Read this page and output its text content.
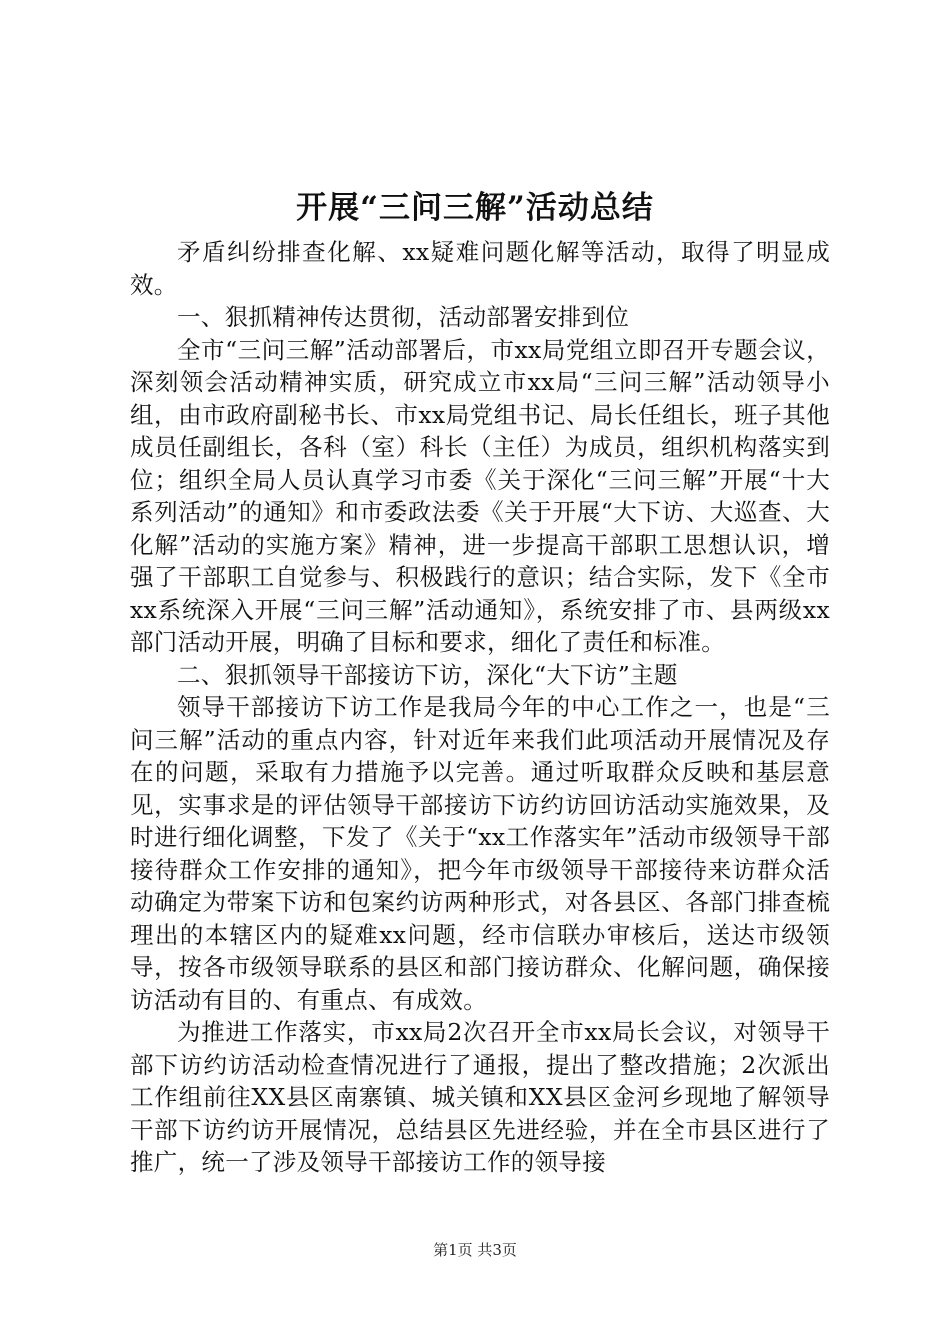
开展“三问三解”活动总结

矛盾纠纷排查化解、xx疑难问题化解等活动，取得了明显成效。

一、狠抓精神传达贯彻，活动部署安排到位

全市“三问三解”活动部署后，市xx局党组立即召开专题会议，深刻领会活动精神实质，研究成立市xx局“三问三解”活动领导小组，由市政府副秘书长、市xx局党组书记、局长任组长，班子其他成员任副组长，各科（室）科长（主任）为成员，组织机构落实到位；组织全局人员认真学习市委《关于深化“三问三解”开展“十大系列活动”的通知》和市委政法委《关于开展“大下访、大巡查、大化解”活动的实施方案》精神，进一步提高干部职工思想认识，增强了干部职工自觉参与、积极践行的意识；结合实际，发下《全市xx系统深入开展“三问三解”活动通知》，系统安排了市、县两级xx部门活动开展，明确了目标和要求，细化了责任和标准。

二、狠抓领导干部接访下访，深化“大下访”主题

领导干部接访下访工作是我局今年的中心工作之一，也是“三问三解”活动的重点内容，针对近年来我们此项活动开展情况及存在的问题，采取有力措施予以完善。通过听取群众反映和基层意见，实事求是的评估领导干部接访下访约访回访活动实施效果，及时进行细化调整，下发了《关于“xx工作落实年”活动市级领导干部接待群众工作安排的通知》，把今年市级领导干部接待来访群众活动确定为带案下访和包案约访两种形式，对各县区、各部门排查梳理出的本辖区内的疑难xx问题，经市信联办审核后，送达市级领导，按各市级领导联系的县区和部门接访群众、化解问题，确保接访活动有目的、有重点、有成效。

为推进工作落实，市xx局2次召开全市xx局长会议，对领导干部下访约访活动检查情况进行了通报，提出了整改措施；2次派出工作组前往XX县区南寨镇、城关镇和XX县区金河乡现地了解领导干部下访约访开展情况，总结县区先进经验，并在全市县区进行了推广，统一了涉及领导干部接访工作的领导接

第1页 共3页
